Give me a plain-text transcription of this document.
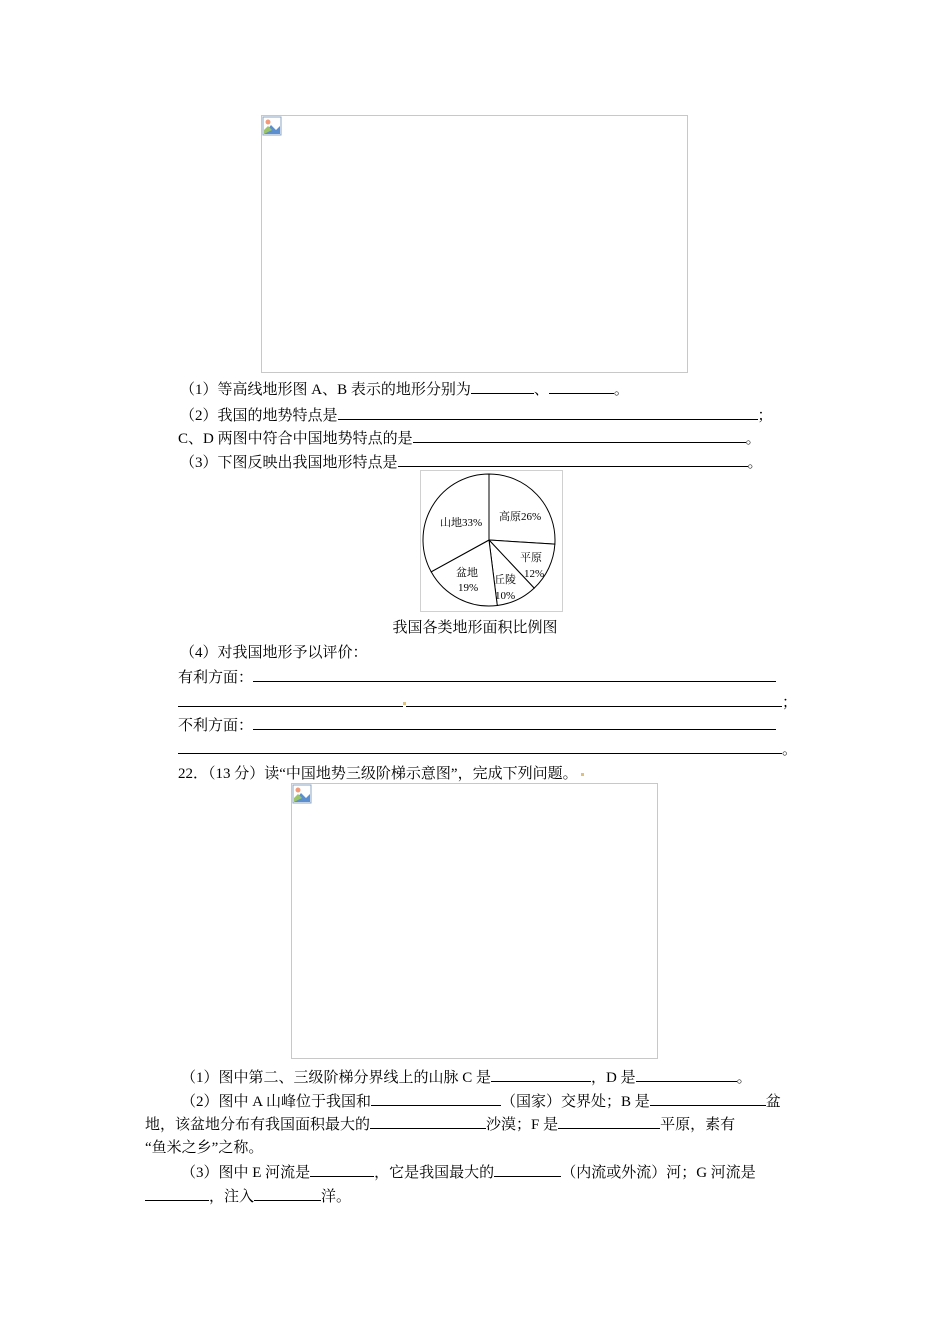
（1）等高线地形图 A、B 表示的地形分别为	、	。
（2）我国的地势特点是	；
C、D 两图中符合中国地势特点的是	。
（3）下图反映出我国地形特点是	。
山地33% 高原26%
平原
12%
丘陵
10%
盆地
19%
我国各类地形面积比例图
（4）对我国地形予以评价：
有利方面：
；
不利方面：
。
22．（13 分）读“中国地势三级阶梯示意图”，完成下列问题。
（1）图中第二、三级阶梯分界线上的山脉 C 是	，D 是	。
（2）图中 A 山峰位于我国和	（国家）交界处；B 是	盆
地，该盆地分布有我国面积最大的	沙漠；F 是	平原，素有
“鱼米之乡”之称。
（3）图中 E 河流是	，它是我国最大的	（内流或外流）河；G 河流是
，注入	洋。
